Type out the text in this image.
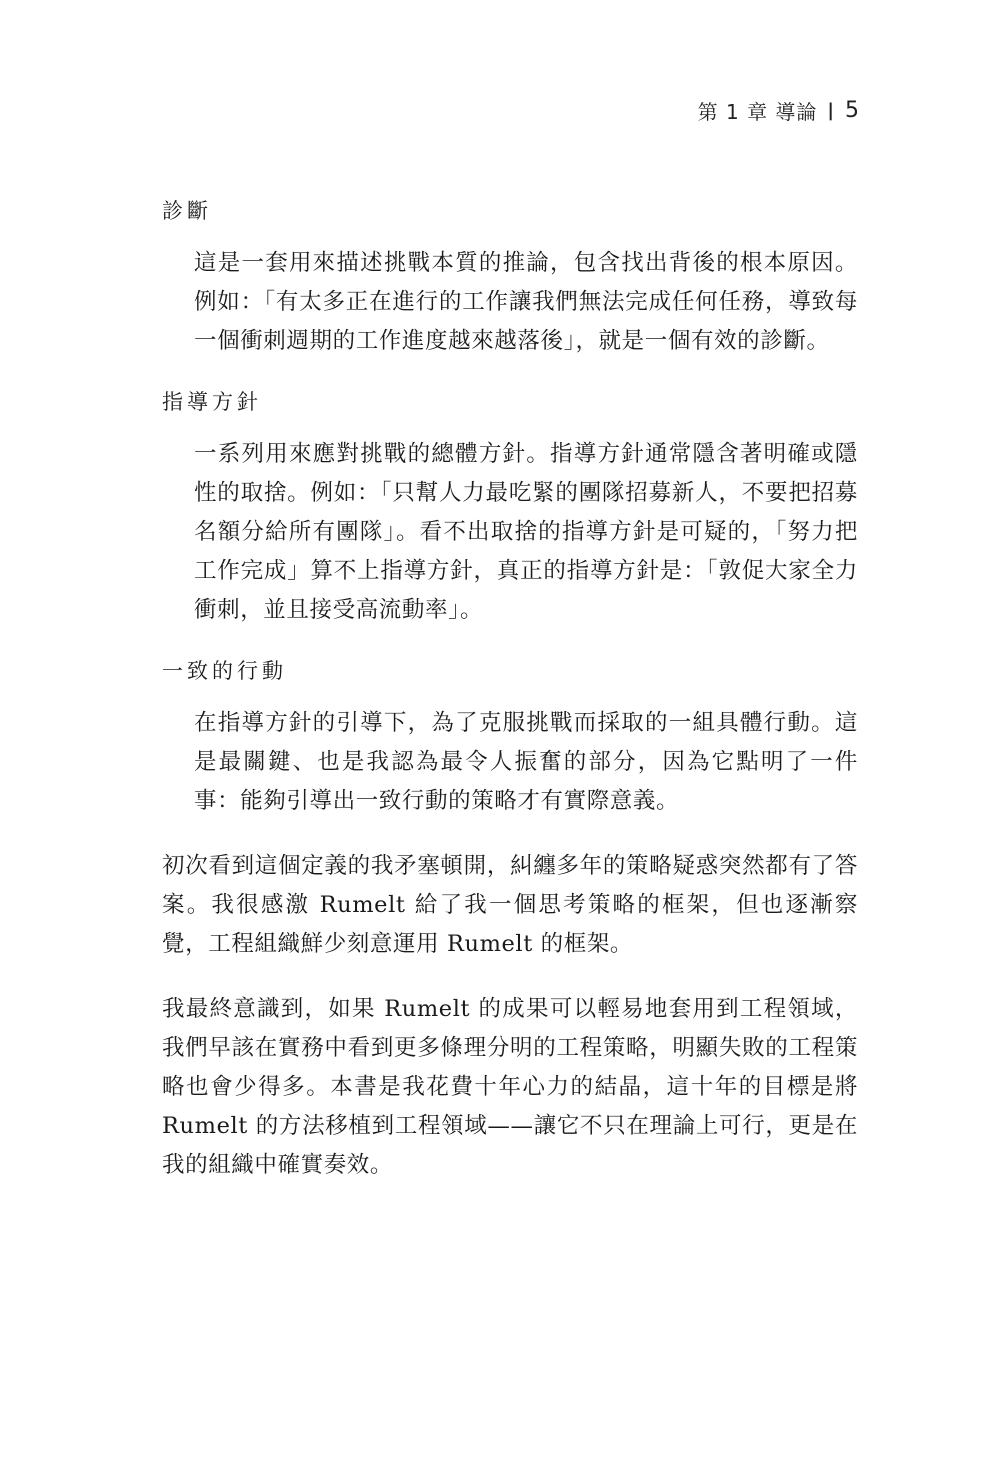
第 1 章 導論 | 5
診斷

這是一套用來描述挑戰本質的推論，包含找出背後的根本原因。例如：「有太多正在進行的工作讓我們無法完成任何任務，導致每一個衝刺週期的工作進度越來越落後」，就是一個有效的診斷。

指導方針

一系列用來應對挑戰的總體方針。指導方針通常隱含著明確或隱性的取捨。例如：「只幫人力最吃緊的團隊招募新人，不要把招募名額分給所有團隊」。看不出取捨的指導方針是可疑的，「努力把工作完成」算不上指導方針，真正的指導方針是：「敦促大家全力衝刺，並且接受高流動率」。

一致的行動

在指導方針的引導下，為了克服挑戰而採取的一組具體行動。這是最關鍵、也是我認為最令人振奮的部分，因為它點明了一件事：能夠引導出一致行動的策略才有實際意義。

初次看到這個定義的我矛塞頓開，糾纏多年的策略疑惑突然都有了答案。我很感激 Rumelt 給了我一個思考策略的框架，但也逐漸察覺，工程組織鮮少刻意運用 Rumelt 的框架。

我最終意識到，如果 Rumelt 的成果可以輕易地套用到工程領域，我們早該在實務中看到更多條理分明的工程策略，明顯失敗的工程策略也會少得多。本書是我花費十年心力的結晶，這十年的目標是將 Rumelt 的方法移植到工程領域——讓它不只在理論上可行，更是在我的組織中確實奏效。
